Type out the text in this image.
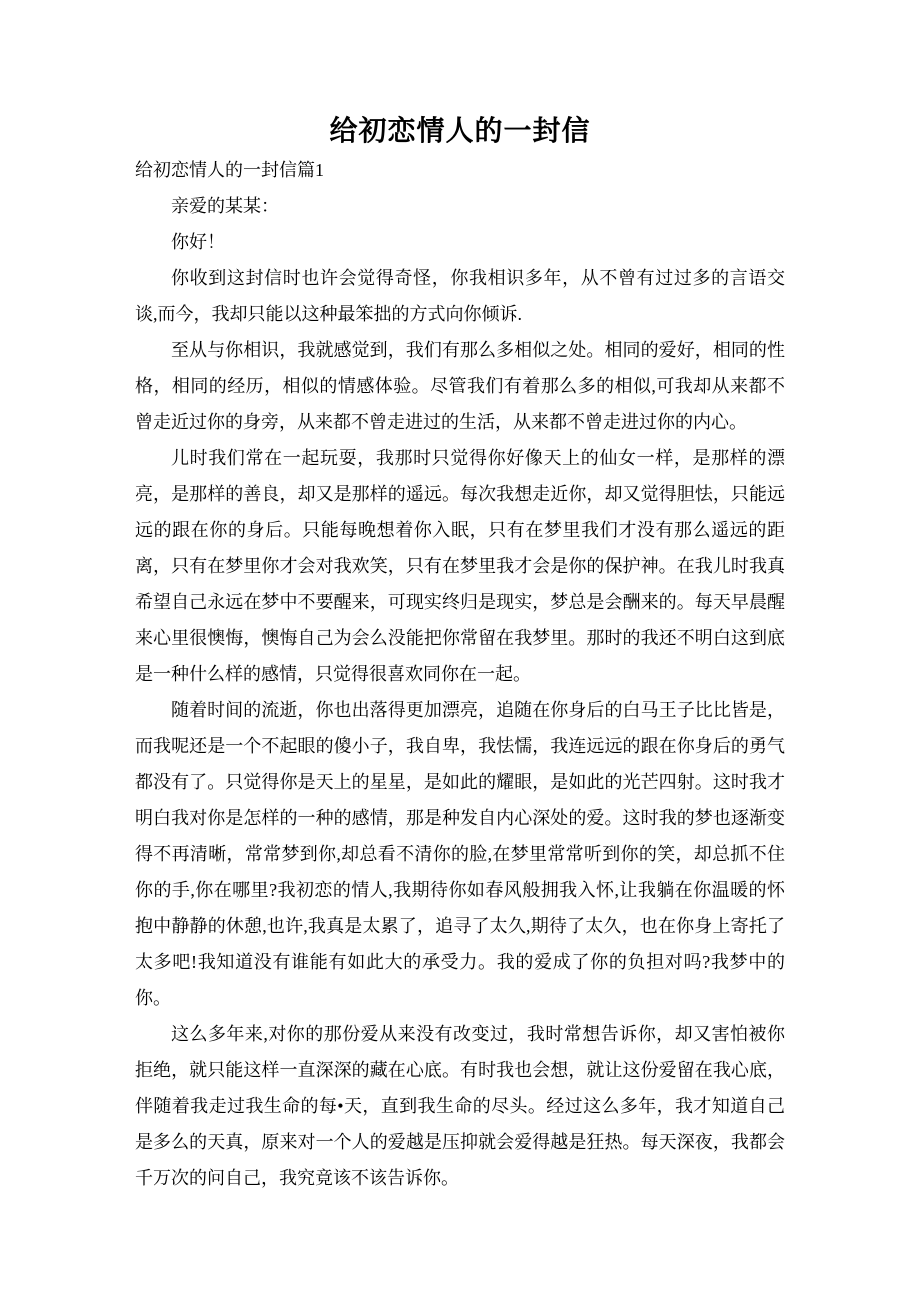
给初恋情人的一封信

给初恋情人的一封信篇1

亲爱的某某：

你好！

你收到这封信时也许会觉得奇怪，你我相识多年，从不曾有过过多的言语交谈,而今，我却只能以这种最笨拙的方式向你倾诉.

至从与你相识，我就感觉到，我们有那么多相似之处。相同的爱好，相同的性格，相同的经历，相似的情感体验。尽管我们有着那么多的相似,可我却从来都不曾走近过你的身旁，从来都不曾走进过的生活，从来都不曾走进过你的内心。

儿时我们常在一起玩耍，我那时只觉得你好像天上的仙女一样，是那样的漂亮，是那样的善良，却又是那样的遥远。每次我想走近你，却又觉得胆怯，只能远远的跟在你的身后。只能每晚想着你入眠，只有在梦里我们才没有那么遥远的距离，只有在梦里你才会对我欢笑，只有在梦里我才会是你的保护神。在我儿时我真希望自己永远在梦中不要醒来，可现实终归是现实，梦总是会酬来的。每天早晨醒来心里很懊悔，懊悔自己为会么没能把你常留在我梦里。那时的我还不明白这到底是一种什么样的感情，只觉得很喜欢同你在一起。

随着时间的流逝，你也出落得更加漂亮，追随在你身后的白马王子比比皆是，而我呢还是一个不起眼的傻小子，我自卑，我怯懦，我连远远的跟在你身后的勇气都没有了。只觉得你是天上的星星，是如此的耀眼，是如此的光芒四射。这时我才明白我对你是怎样的一种的感情，那是种发自内心深处的爱。这时我的梦也逐渐变得不再清晰，常常梦到你,却总看不清你的脸,在梦里常常听到你的笑，却总抓不住你的手,你在哪里?我初恋的情人,我期待你如春风般拥我入怀,让我躺在你温暖的怀抱中静静的休憩,也许,我真是太累了，追寻了太久,期待了太久，也在你身上寄托了太多吧!我知道没有谁能有如此大的承受力。我的爱成了你的负担对吗?我梦中的你。

这么多年来,对你的那份爱从来没有改变过，我时常想告诉你，却又害怕被你拒绝，就只能这样一直深深的藏在心底。有时我也会想，就让这份爱留在我心底，伴随着我走过我生命的每•天，直到我生命的尽头。经过这么多年，我才知道自己是多么的天真，原来对一个人的爱越是压抑就会爱得越是狂热。每天深夜，我都会千万次的问自己，我究竟该不该告诉你。
